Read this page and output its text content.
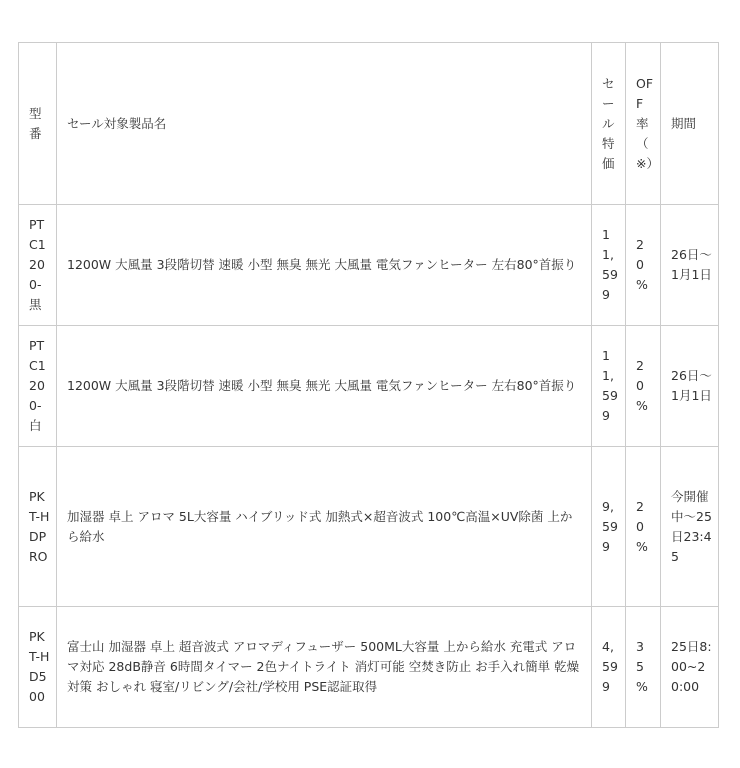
型番	セール対象製品名	セール特価	OFF率（※）	期間
PTC1200-黒	1200W 大風量 3段階切替 速暖 小型 無臭 無光 大風量 電気ファンヒーター 左右80°首振り	11,599	20%	26日～1月1日
PTC1200-白	1200W 大風量 3段階切替 速暖 小型 無臭 無光 大風量 電気ファンヒーター 左右80°首振り	11,599	20%	26日～1月1日
PKT-HDPRO	加湿器 卓上 アロマ 5L大容量 ハイブリッド式 加熱式×超音波式 100℃高温×UV除菌 上から給水	9,599	20%	今開催中～25日23:45
PKT-HD500	富士山 加湿器 卓上 超音波式 アロマディフューザー 500ML大容量 上から給水 充電式 アロマ対応 28dB静音 6時間タイマー 2色ナイトライト 消灯可能 空焚き防止 お手入れ簡単 乾燥対策 おしゃれ 寝室/リビング/会社/学校用 PSE認証取得	4,599	35%	25日8:00~20:00
